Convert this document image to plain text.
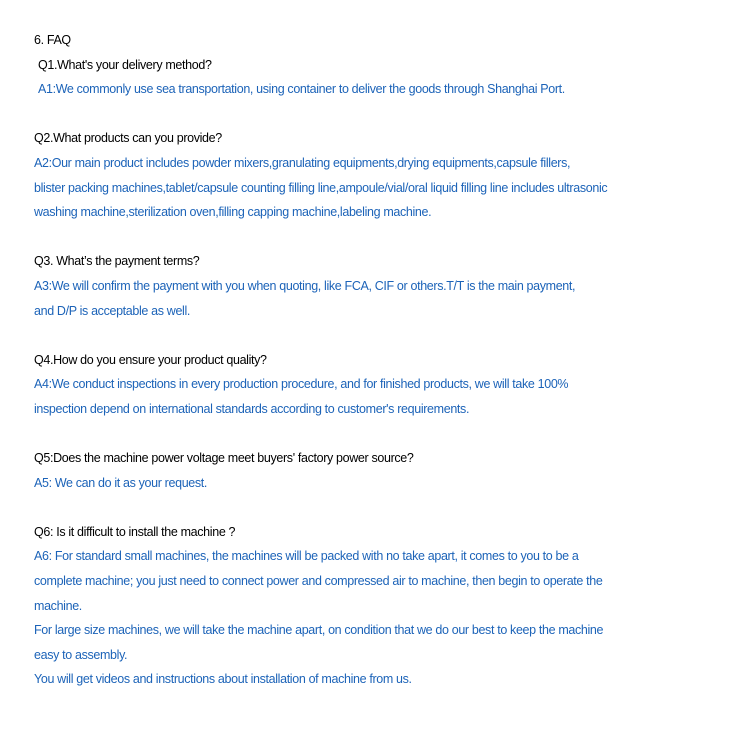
6. FAQ
Q1.What's your delivery method?
A1:We commonly use sea transportation, using container to deliver the goods through Shanghai Port.
Q2.What products can you provide?
A2:Our main product includes powder mixers,granulating equipments,drying equipments,capsule fillers,
blister packing machines,tablet/capsule counting filling line,ampoule/vial/oral liquid filling line includes ultrasonic
washing machine,sterilization oven,filling capping machine,labeling machine.
Q3. What’s the payment terms?
A3:We will confirm the payment with you when quoting, like FCA, CIF or others.T/T is the main payment,
and D/P is acceptable as well.
Q4.How do you ensure your product quality?
A4:We conduct inspections in every production procedure, and for finished products, we will take 100%
inspection depend on international standards according to customer's requirements.
Q5:Does the machine power voltage meet buyers' factory power source?
A5: We can do it as your request.
Q6: Is it difficult to install the machine ?
A6: For standard small machines, the machines will be packed with no take apart, it comes to you to be a
complete machine; you just need to connect power and compressed air to machine, then begin to operate the
machine.
For large size machines, we will take the machine apart, on condition that we do our best to keep the machine
easy to assembly.
You will get videos and instructions about installation of machine from us.
